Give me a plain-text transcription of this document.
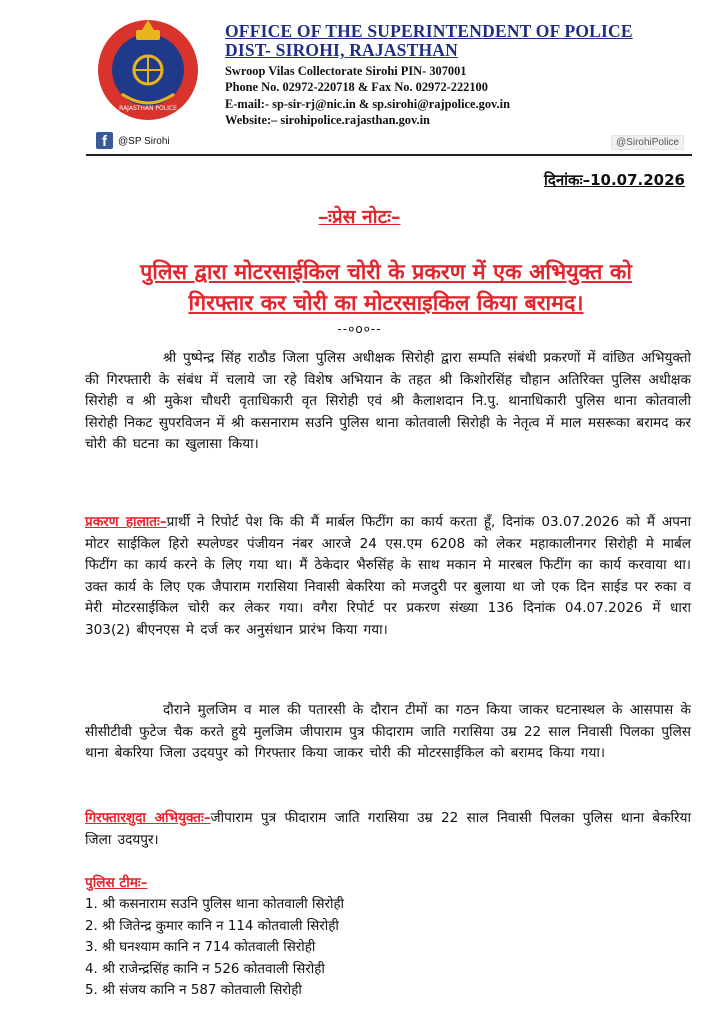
RAJASTHAN POLICE
OFFICE OF THE SUPERINTENDENT OF POLICE
DIST- SIROHI, RAJASTHAN
Swroop Vilas Collectorate Sirohi PIN- 307001
Phone No. 02972-220718 & Fax No. 02972-222100
E-mail:- sp-sir-rj@nic.in & sp.sirohi@rajpolice.gov.in
Website:– sirohipolice.rajasthan.gov.in
f	@SP Sirohi	@SirohiPolice
दिनांकः–10.07.2026
–ःप्रेस नोटः–
पुलिस द्वारा मोटरसाईकिल चोरी के प्रकरण में एक अभियुक्त को
गिरफ्तार कर चोरी का मोटरसाइकिल किया बरामद।
--०o०--
श्री पुष्पेन्द्र सिंह राठौड जिला पुलिस अधीक्षक सिरोही द्वारा सम्पति संबंधी प्रकरणों में वांछित अभियुक्तो की गिरफ्तारी के संबंध में चलाये जा रहे विशेष अभियान के तहत श्री किशोरसिंह चौहान अतिरिक्त पुलिस अधीक्षक सिरोही व श्री मुकेश चौधरी वृताधिकारी वृत सिरोही एवं श्री कैलाशदान नि.पु. थानाधिकारी पुलिस थाना कोतवाली सिरोही निकट सुपरविजन में श्री कसनाराम सउनि पुलिस थाना कोतवाली सिरोही के नेतृत्व में माल मसरूका बरामद कर चोरी की घटना का खुलासा किया।
प्रकरण हालातः–प्रार्थी ने रिपोर्ट पेश कि की मैं मार्बल फिटींग का कार्य करता हूँ, दिनांक 03.07.2026 को मैं अपना मोटर साईकिल हिरो स्पलेण्डर पंजीयन नंबर आरजे 24 एस.एम 6208 को लेकर महाकालीनगर सिरोही मे मार्बल फिटींग का कार्य करने के लिए गया था। मैं ठेकेदार भैरुसिंह के साथ मकान मे मारबल फिटींग का कार्य करवाया था। उक्त कार्य के लिए एक जैपाराम गरासिया निवासी बेकरिया को मजदुरी पर बुलाया था जो एक दिन साईड पर रुका व मेरी मोटरसाईकिल चोरी कर लेकर गया। वगैरा रिपोर्ट पर प्रकरण संख्या 136 दिनांक 04.07.2026 में धारा 303(2) बीएनएस मे दर्ज कर अनुसंधान प्रारंभ किया गया।
दौराने मुलजिम व माल की पतारसी के दौरान टीमों का गठन किया जाकर घटनास्थल के आसपास के सीसीटीवी फुटेज चैक करते हुये मुलजिम जीपाराम पुत्र फीदाराम जाति गरासिया उम्र 22 साल निवासी पिलका पुलिस थाना बेकरिया जिला उदयपुर को गिरफ्तार किया जाकर चोरी की मोटरसाईकिल को बरामद किया गया।
गिरफ्तारशुदा अभियुक्तः–जीपाराम पुत्र फीदाराम जाति गरासिया उम्र 22 साल निवासी पिलका पुलिस थाना बेकरिया जिला उदयपुर।
पुलिस टीमः–
1. श्री कसनाराम सउनि पुलिस थाना कोतवाली सिरोही
2. श्री जितेन्द्र कुमार कानि न 114 कोतवाली सिरोही
3. श्री घनश्याम कानि न 714 कोतवाली सिरोही
4. श्री राजेन्द्रसिंह कानि न 526 कोतवाली सिरोही
5. श्री संजय कानि न 587 कोतवाली सिरोही
